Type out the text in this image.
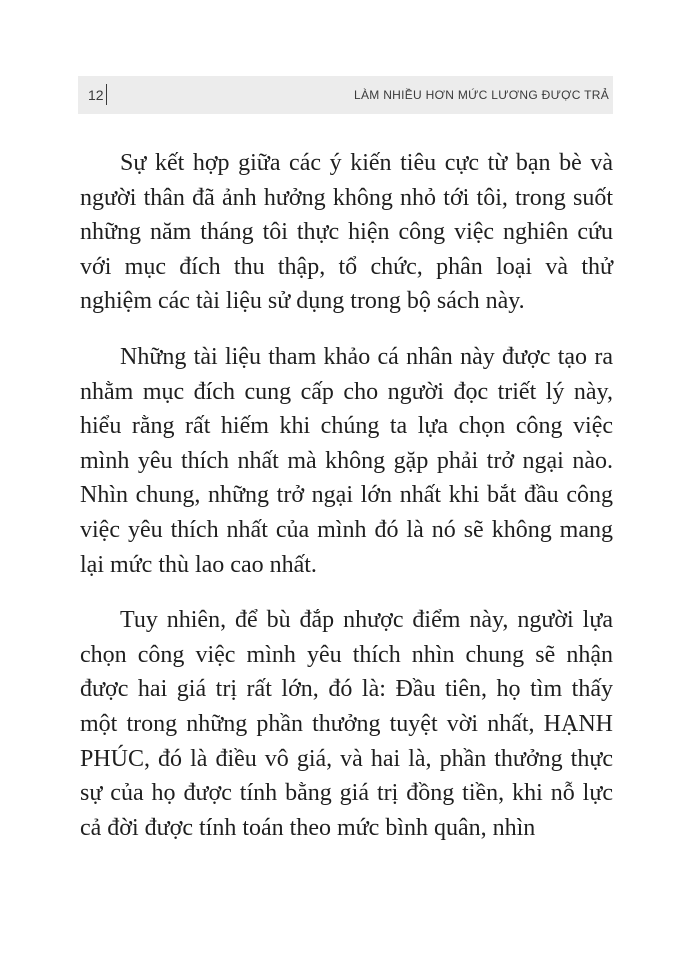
12	LÀM NHIỀU HƠN MỨC LƯƠNG ĐƯỢC TRẢ

Sự kết hợp giữa các ý kiến tiêu cực từ bạn bè và người thân đã ảnh hưởng không nhỏ tới tôi, trong suốt những năm tháng tôi thực hiện công việc nghiên cứu với mục đích thu thập, tổ chức, phân loại và thử nghiệm các tài liệu sử dụng trong bộ sách này.

Những tài liệu tham khảo cá nhân này được tạo ra nhằm mục đích cung cấp cho người đọc triết lý này, hiểu rằng rất hiếm khi chúng ta lựa chọn công việc mình yêu thích nhất mà không gặp phải trở ngại nào. Nhìn chung, những trở ngại lớn nhất khi bắt đầu công việc yêu thích nhất của mình đó là nó sẽ không mang lại mức thù lao cao nhất.

Tuy nhiên, để bù đắp nhược điểm này, người lựa chọn công việc mình yêu thích nhìn chung sẽ nhận được hai giá trị rất lớn, đó là: Đầu tiên, họ tìm thấy một trong những phần thưởng tuyệt vời nhất, HẠNH PHÚC, đó là điều vô giá, và hai là, phần thưởng thực sự của họ được tính bằng giá trị đồng tiền, khi nỗ lực cả đời được tính toán theo mức bình quân, nhìn
